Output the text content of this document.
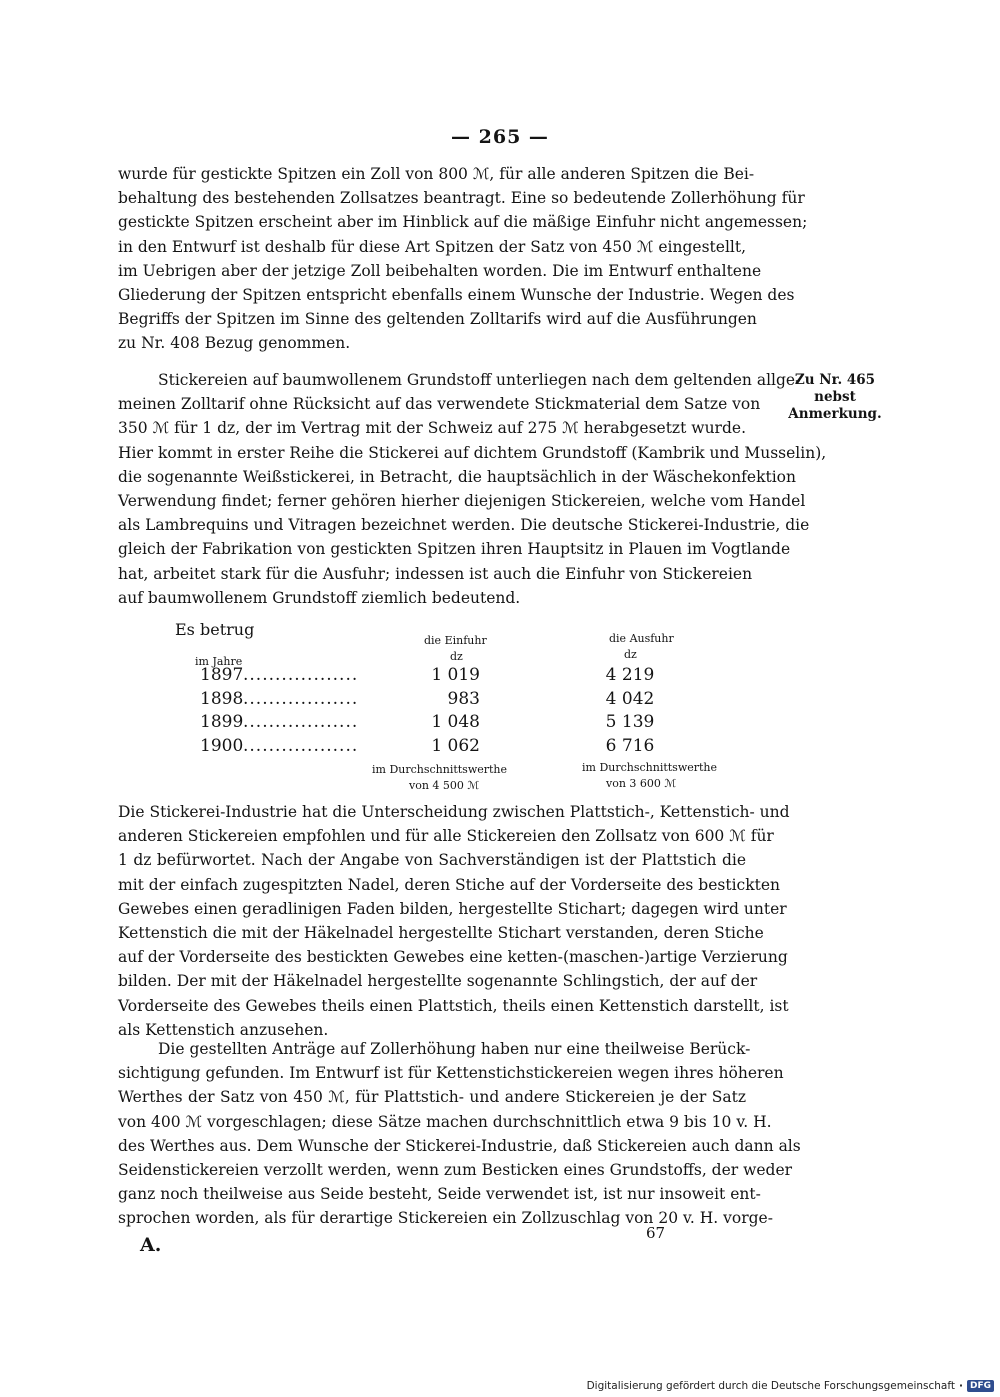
— 265 —
wurde für gestickte Spitzen ein Zoll von 800 ℳ, für alle anderen Spitzen die Bei-
behaltung des bestehenden Zollsatzes beantragt. Eine so bedeutende Zollerhöhung für
gestickte Spitzen erscheint aber im Hinblick auf die mäßige Einfuhr nicht angemessen;
in den Entwurf ist deshalb für diese Art Spitzen der Satz von 450 ℳ eingestellt,
im Uebrigen aber der jetzige Zoll beibehalten worden. Die im Entwurf enthaltene
Gliederung der Spitzen entspricht ebenfalls einem Wunsche der Industrie. Wegen des
Begriffs der Spitzen im Sinne des geltenden Zolltarifs wird auf die Ausführungen
zu Nr. 408 Bezug genommen.
Zu Nr. 465
nebst Anmerkung.
Stickereien auf baumwollenem Grundstoff unterliegen nach dem geltenden allge-
meinen Zolltarif ohne Rücksicht auf das verwendete Stickmaterial dem Satze von
350 ℳ für 1 dz, der im Vertrag mit der Schweiz auf 275 ℳ herabgesetzt wurde.
Hier kommt in erster Reihe die Stickerei auf dichtem Grundstoff (Kambrik und Musselin),
die sogenannte Weißstickerei, in Betracht, die hauptsächlich in der Wäschekonfektion
Verwendung findet; ferner gehören hierher diejenigen Stickereien, welche vom Handel
als Lambrequins und Vitragen bezeichnet werden. Die deutsche Stickerei-Industrie, die
gleich der Fabrikation von gestickten Spitzen ihren Hauptsitz in Plauen im Vogtlande
hat, arbeitet stark für die Ausfuhr; indessen ist auch die Einfuhr von Stickereien
auf baumwollenem Grundstoff ziemlich bedeutend.
Es betrug
die Einfuhr	die Ausfuhr
dz	dz
im Jahre
1897 ..................	1 019	4 219
1898 ..................	983	4 042
1899 ..................	1 048	5 139
1900 ..................	1 062	6 716
im Durchschnittswerthe
von 4 500 ℳ
im Durchschnittswerthe
von 3 600 ℳ
Die Stickerei-Industrie hat die Unterscheidung zwischen Plattstich-, Kettenstich- und
anderen Stickereien empfohlen und für alle Stickereien den Zollsatz von 600 ℳ für
1 dz befürwortet. Nach der Angabe von Sachverständigen ist der Plattstich die
mit der einfach zugespitzten Nadel, deren Stiche auf der Vorderseite des bestickten
Gewebes einen geradlinigen Faden bilden, hergestellte Stichart; dagegen wird unter
Kettenstich die mit der Häkelnadel hergestellte Stichart verstanden, deren Stiche
auf der Vorderseite des bestickten Gewebes eine ketten-(maschen-)artige Verzierung
bilden. Der mit der Häkelnadel hergestellte sogenannte Schlingstich, der auf der
Vorderseite des Gewebes theils einen Plattstich, theils einen Kettenstich darstellt, ist
als Kettenstich anzusehen.
Die gestellten Anträge auf Zollerhöhung haben nur eine theilweise Berück-
sichtigung gefunden. Im Entwurf ist für Kettenstichstickereien wegen ihres höheren
Werthes der Satz von 450 ℳ, für Plattstich- und andere Stickereien je der Satz
von 400 ℳ vorgeschlagen; diese Sätze machen durchschnittlich etwa 9 bis 10 v. H.
des Werthes aus. Dem Wunsche der Stickerei-Industrie, daß Stickereien auch dann als
Seidenstickereien verzollt werden, wenn zum Besticken eines Grundstoffs, der weder
ganz noch theilweise aus Seide besteht, Seide verwendet ist, ist nur insoweit ent-
sprochen worden, als für derartige Stickereien ein Zollzuschlag von 20 v. H. vorge-
A.
67
Digitalisierung gefördert durch die Deutsche Forschungsgemeinschaft · DFG
